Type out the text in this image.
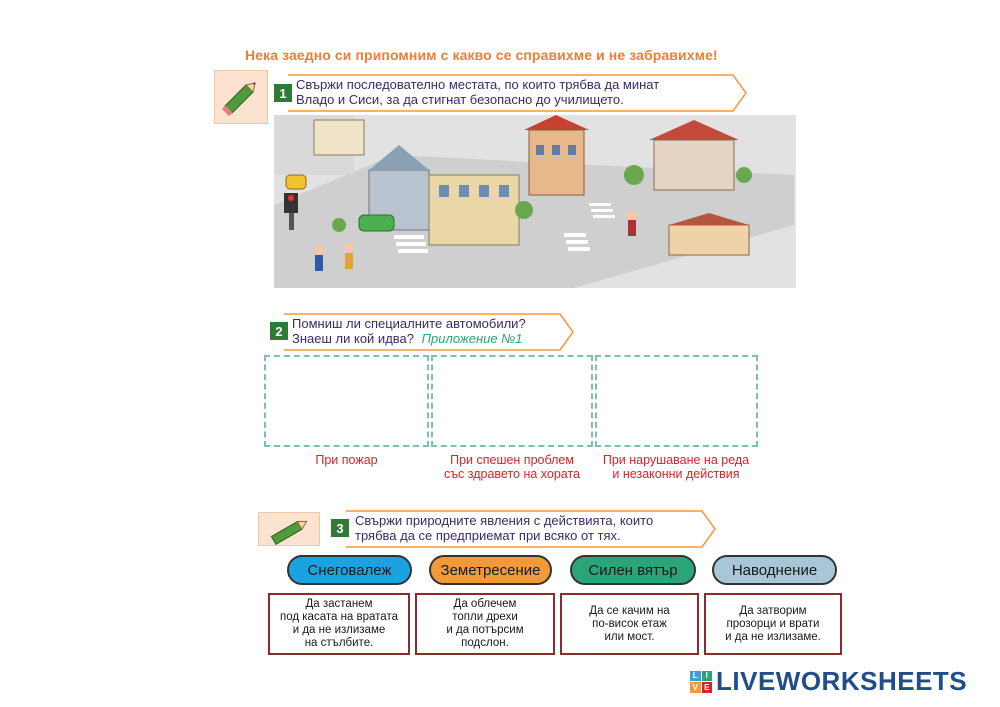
Нека заедно си припомним с какво се справихме и не забравихме!
1
Свържи последователно местата, по които трябва да минат
Владо и Сиси, за да стигнат безопасно до училището.
2 Помниш ли специалните автомобили?
Знаеш ли кой идва? Приложение №1
При пожар	При спешен проблем
със здравето на хората
При нарушаване на реда
и незаконни действия
3 Свържи природните явления с действията, които
трябва да се предприемат при всяко от тях.
Снеговалеж	Земетресение	Силен вятър	Наводнение
Да застанем
под касата на вратата
и да не излизаме
на стълбите.
Да облечем
топли дрехи
и да потърсим
подслон.
Да се качим на
по-висок етаж
или мост.
Да затворим
прозорци и врати
и да не излизаме.
L I
V E LIVEWORKSHEETS
